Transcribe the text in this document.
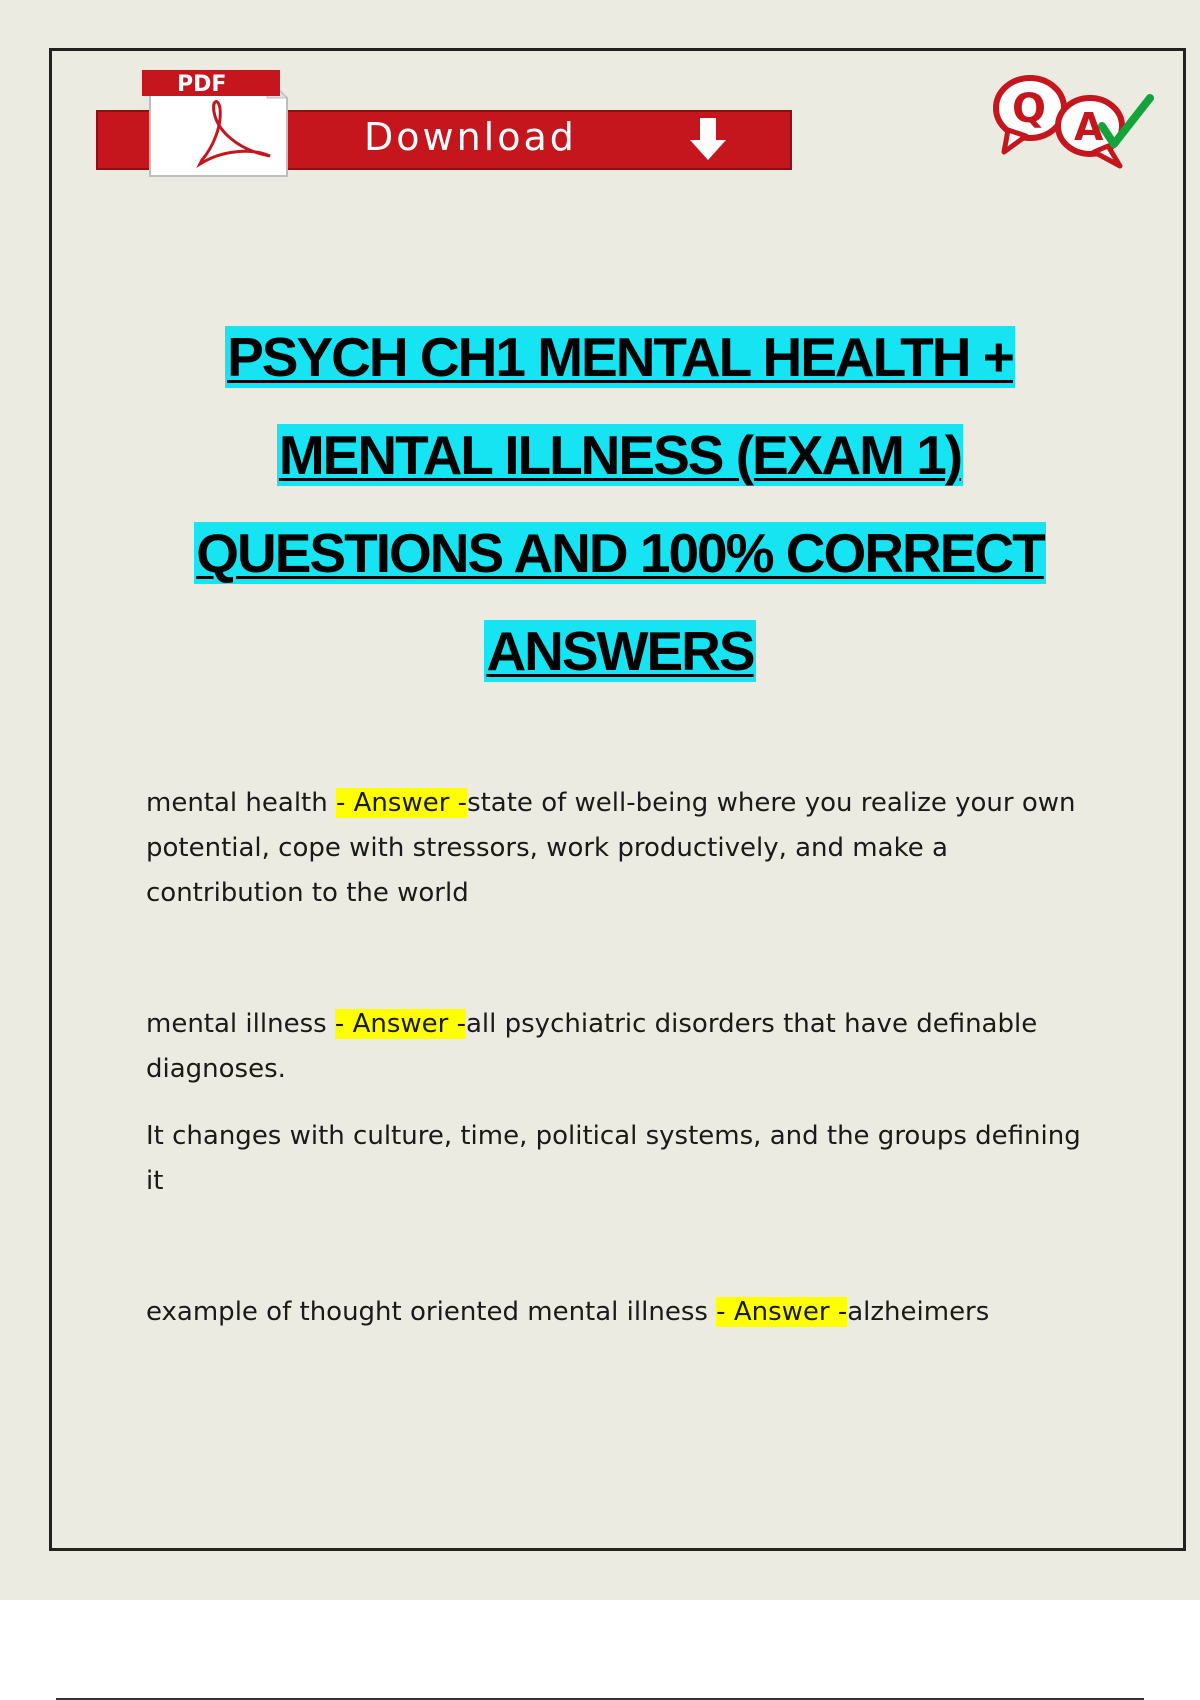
PDF
Download
Q A
PSYCH CH1 MENTAL HEALTH +
MENTAL ILLNESS (EXAM 1)
QUESTIONS AND 100% CORRECT
ANSWERS
mental health - Answer -state of well-being where you realize your own potential, cope with stressors, work productively, and make a contribution to the world
mental illness - Answer -all psychiatric disorders that have definable diagnoses.
It changes with culture, time, political systems, and the groups defining it
example of thought oriented mental illness - Answer -alzheimers
